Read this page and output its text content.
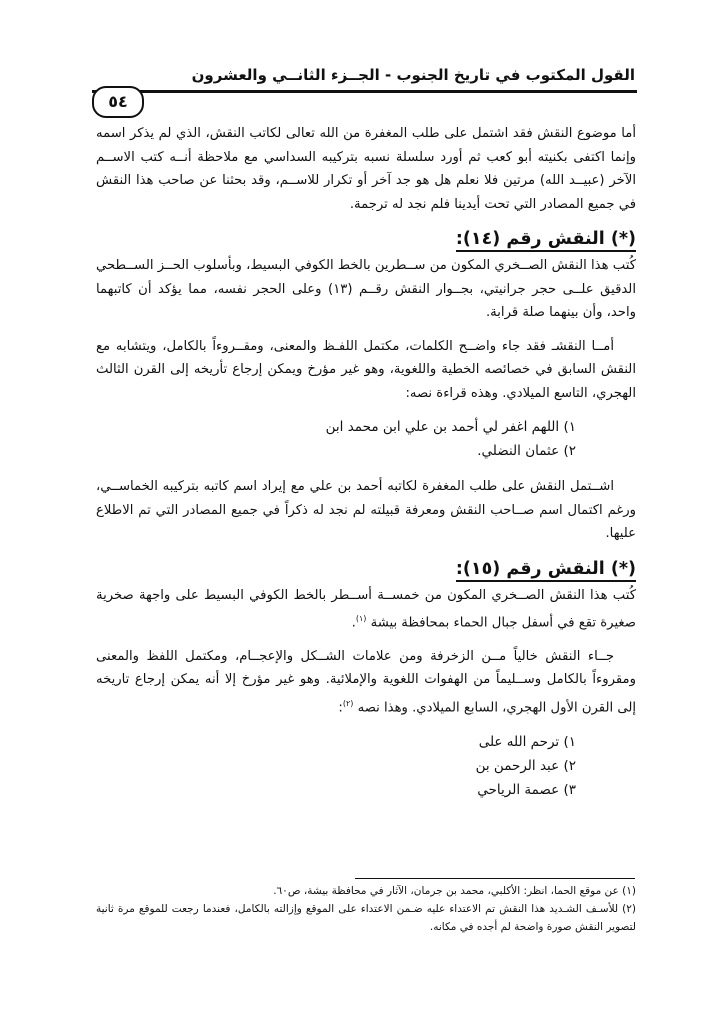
القول المكتوب في تاريخ الجنوب - الجــزء الثانــي والعشرون
٥٤

أما موضوع النقش فقد اشتمل على طلب المغفرة من الله تعالى لكاتب النقش، الذي لم يذكر اسمه وإنما اكتفى بكنيته أبو كعب ثم أورد سلسلة نسبه بتركيبه السداسي مع ملاحظة أنــه كتب الاســم الآخر (عبيــد الله) مرتين فلا نعلم هل هو جد آخر أو تكرار للاســم، وقد بحثنا عن صاحب هذا النقش في جميع المصادر التي تحت أيدينا فلم نجد له ترجمة.

(*) النقش رقم (١٤):

كُتب هذا النقش الصــخري المكون من ســطرين بالخط الكوفي البسيط، وبأسلوب الحــز الســطحي الدقيق علــى حجر جرانيتي، بجــوار النقش رقــم (١٣) وعلى الحجر نفسه، مما يؤكد أن كاتبهما واحد، وأن بينهما صلة قرابة.

أمــا النقشـ فقد جاء واضــح الكلمات، مكتمل اللفـظ والمعنى، ومقــروءاً بالكامل، ويتشابه مع النقش السابق في خصائصه الخطية واللغوية، وهو غير مؤرخ ويمكن إرجاع تأريخه إلى القرن الثالث الهجري، التاسع الميلادي. وهذه قراءة نصه:

١) اللهم اغفر لي أحمد بن علي ابن محمد ابن
٢) عثمان النضلي.

اشــتمل النقش على طلب المغفرة لكاتبه أحمد بن علي مع إيراد اسم كاتبه بتركيبه الخماســي، ورغم اكتمال اسم صــاحب النقش ومعرفة قبيلته لم نجد له ذكراً في جميع المصادر التي تم الاطلاع عليها.

(*) النقش رقم (١٥):

كُتب هذا النقش الصــخري المكون من خمســة أســطر بالخط الكوفي البسيط على واجهة صخرية صغيرة تقع في أسفل جبال الحماء بمحافظة بيشة $^{(١)}$.

جــاء النقش خالياً مــن الزخرفة ومن علامات الشــكل والإعجــام، ومكتمل اللفظ والمعنى ومقروءاً بالكامل وســليماً من الهفوات اللغوية والإملائية. وهو غير مؤرخ إلا أنه يمكن إرجاع تاريخه إلى القرن الأول الهجري، السابع الميلادي. وهذا نصه $^{(٢)}$:

١) ترحم الله على
٢) عبد الرحمن بن
٣) عصمة الرياحي

(١) عن موقع الحما، انظر: الأكلبي، محمد بن جرمان، الآثار في محافظة بيشة، ص٦٠.

(٢) للأسـف الشـديد هذا النقش تم الاعتداء عليه ضـمن الاعتداء على الموقع وإزالته بالكامل، فعندما رجعت للموقع مرة ثانية لتصوير النقش صورة واضحة لم أجده في مكانه.
